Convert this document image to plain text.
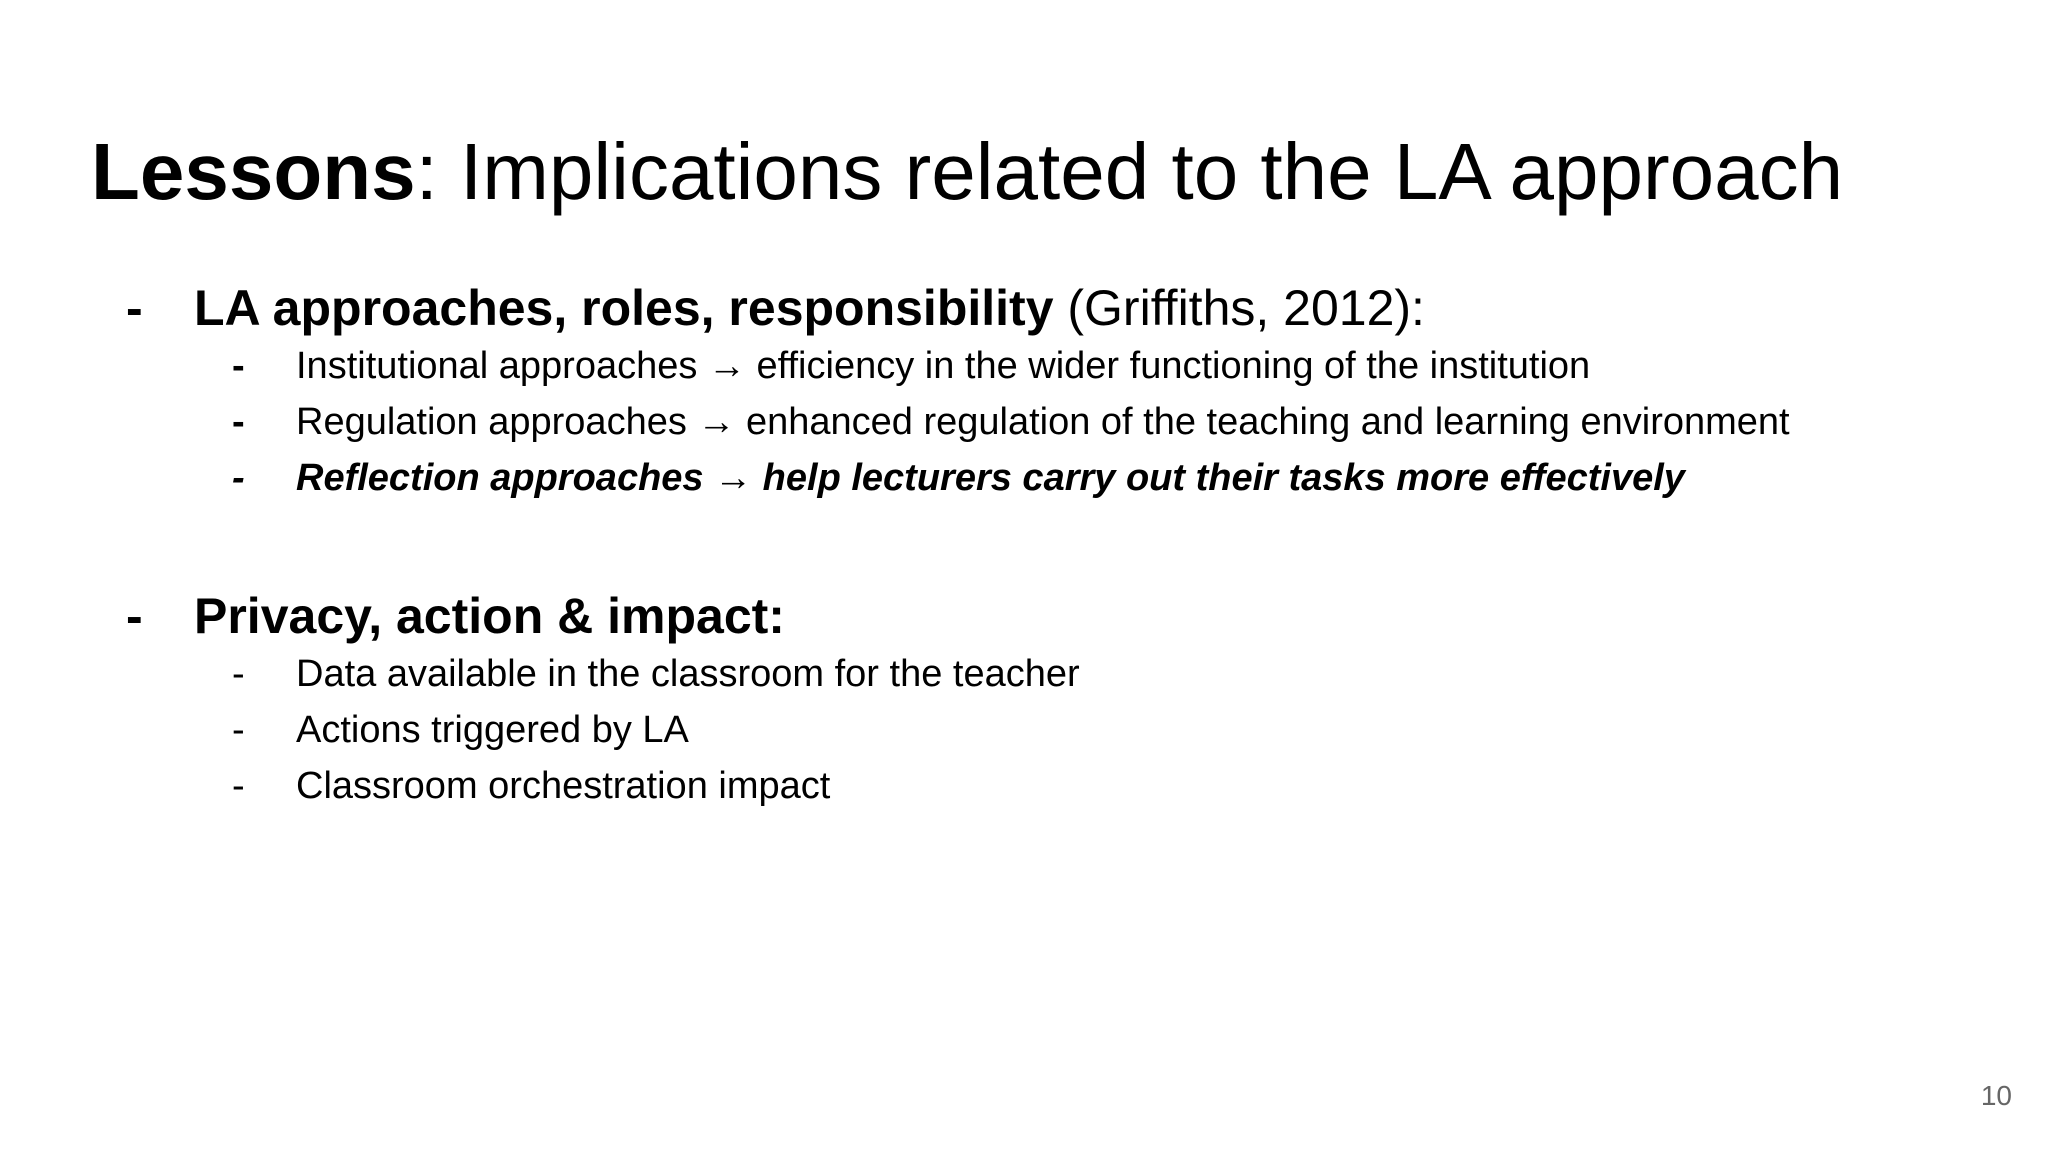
Lessons: Implications related to the LA approach
- LA approaches, roles, responsibility (Griffiths, 2012):
- Institutional approaches → efficiency in the wider functioning of the institution
- Regulation approaches → enhanced regulation of the teaching and learning environment
- Reflection approaches → help lecturers carry out their tasks more effectively
- Privacy, action & impact:
- Data available in the classroom for the teacher
- Actions triggered by LA
- Classroom orchestration impact
10
